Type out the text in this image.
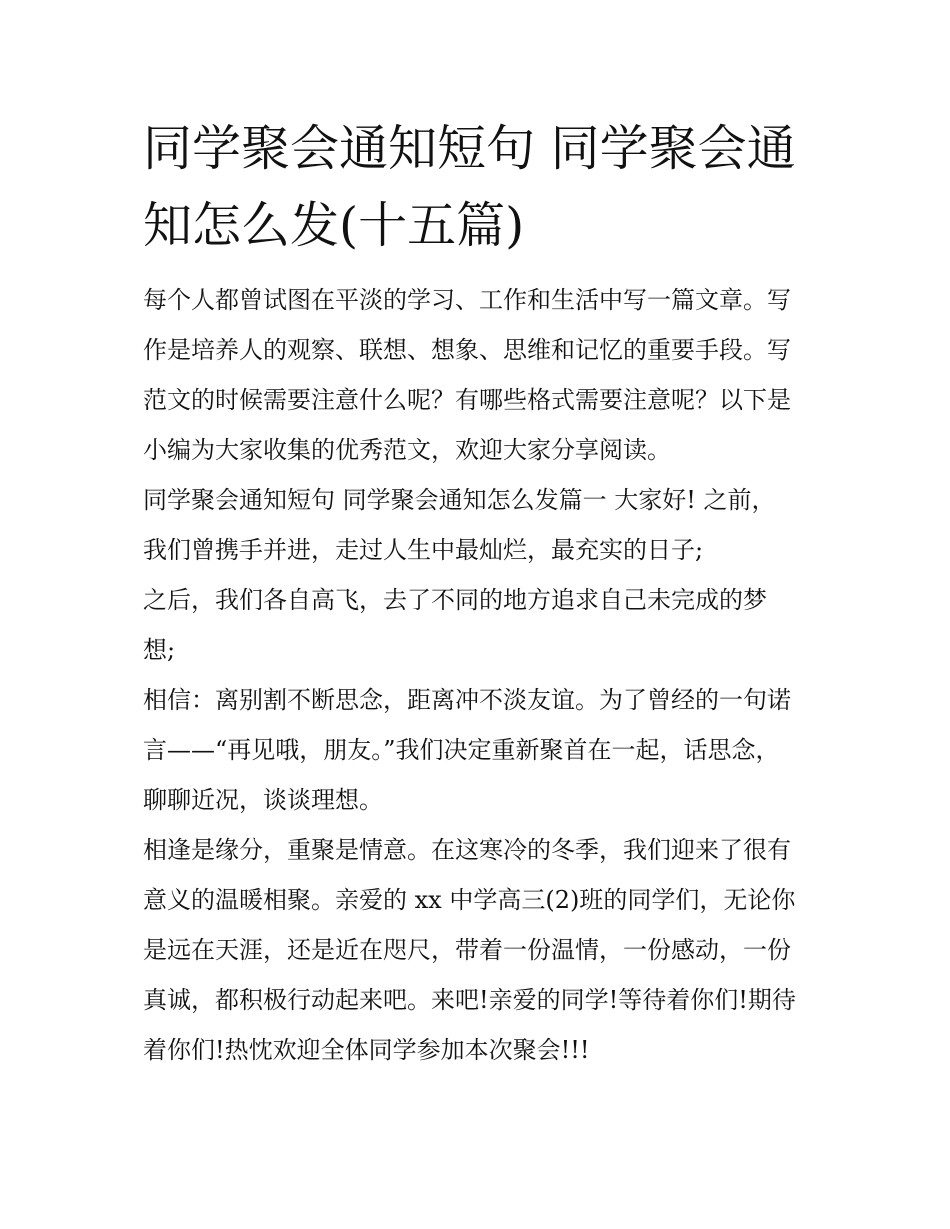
同学聚会通知短句 同学聚会通
知怎么发(十五篇)
每个人都曾试图在平淡的学习、工作和生活中写一篇文章。写
作是培养人的观察、联想、想象、思维和记忆的重要手段。写
范文的时候需要注意什么呢？有哪些格式需要注意呢？以下是
小编为大家收集的优秀范文，欢迎大家分享阅读。
同学聚会通知短句 同学聚会通知怎么发篇一 大家好! 之前，
我们曾携手并进，走过人生中最灿烂，最充实的日子;
之后，我们各自高飞，去了不同的地方追求自己未完成的梦
想;
相信：离别割不断思念，距离冲不淡友谊。为了曾经的一句诺
言——“再见哦，朋友。”我们决定重新聚首在一起，话思念，
聊聊近况，谈谈理想。
相逢是缘分，重聚是情意。在这寒冷的冬季，我们迎来了很有
意义的温暖相聚。亲爱的 xx 中学高三(2)班的同学们，无论你
是远在天涯，还是近在咫尺，带着一份温情，一份感动，一份
真诚，都积极行动起来吧。来吧!亲爱的同学!等待着你们!期待
着你们!热忱欢迎全体同学参加本次聚会!!!
